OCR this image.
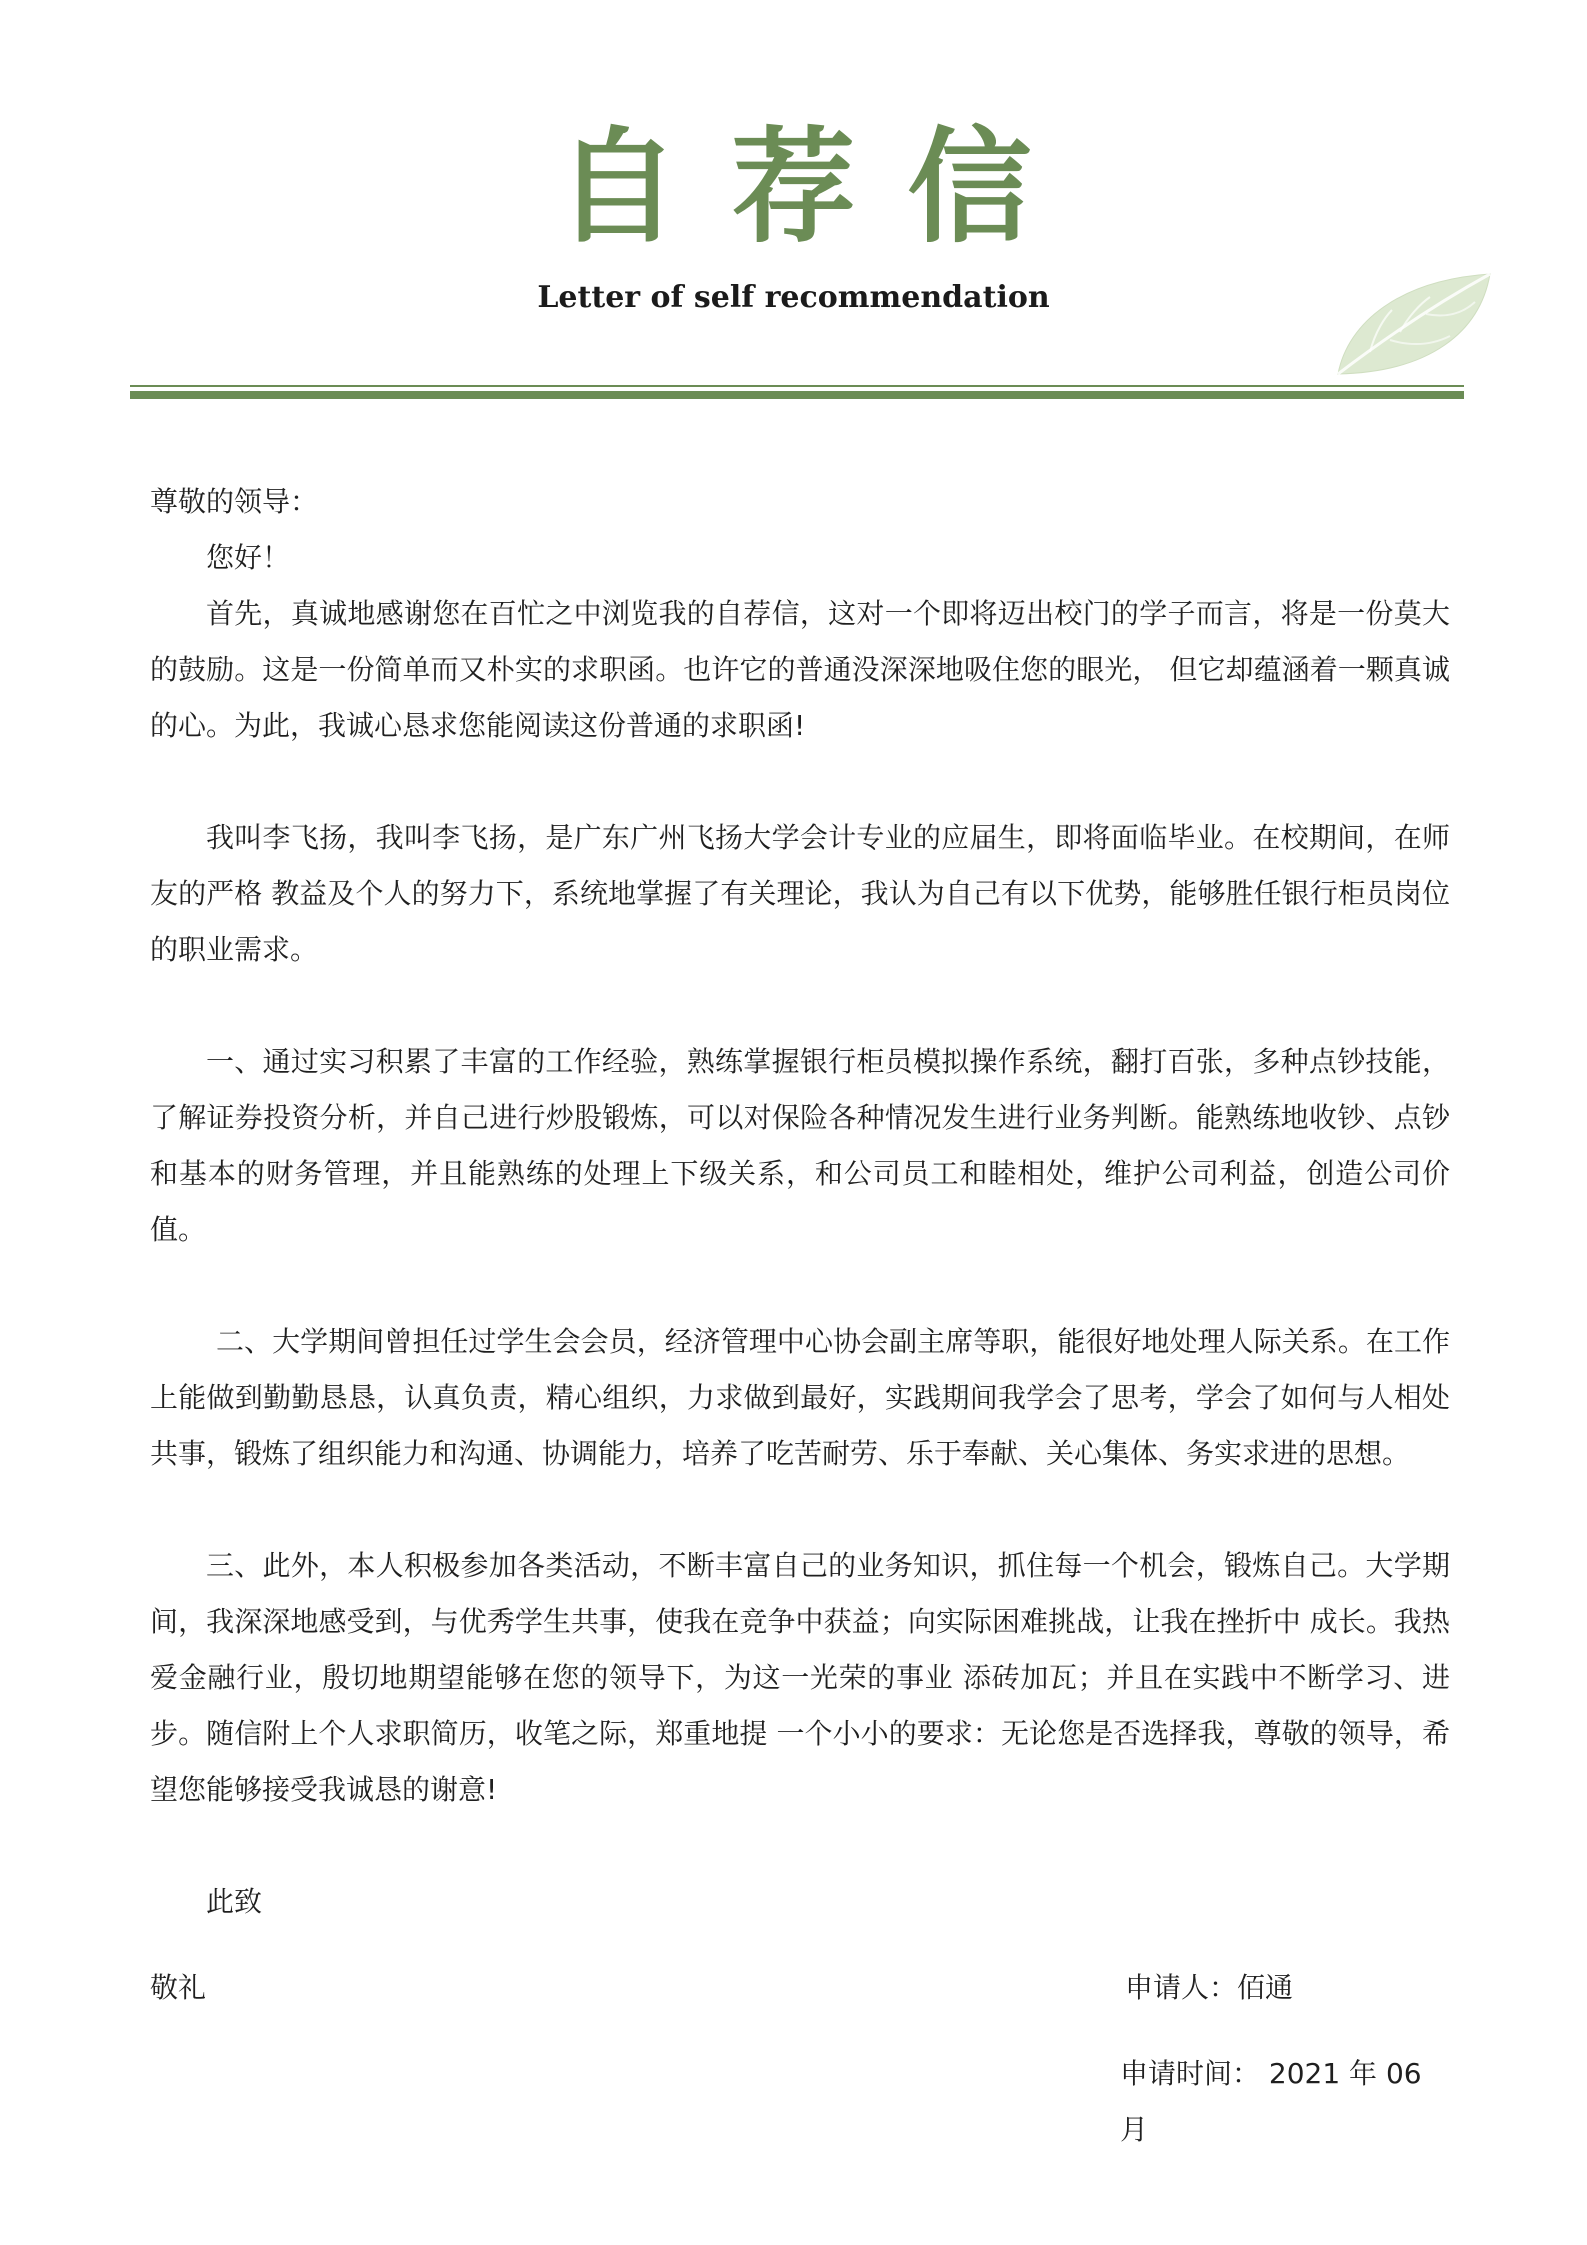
自荐信
Letter of self recommendation

尊敬的领导：

您好！

首先，真诚地感谢您在百忙之中浏览我的自荐信，这对一个即将迈出校门的学子而言，将是一份莫大的鼓励。这是一份简单而又朴实的求职函。也许它的普通没深深地吸住您的眼光， 但它却蕴涵着一颗真诚的心。为此，我诚心恳求您能阅读这份普通的求职函!

我叫李飞扬，我叫李飞扬，是广东广州飞扬大学会计专业的应届生，即将面临毕业。在校期间，在师友的严格 教益及个人的努力下，系统地掌握了有关理论，我认为自己有以下优势，能够胜任银行柜员岗位的职业需求。

一、通过实习积累了丰富的工作经验，熟练掌握银行柜员模拟操作系统，翻打百张，多种点钞技能，了解证券投资分析，并自己进行炒股锻炼，可以对保险各种情况发生进行业务判断。能熟练地收钞、点钞和基本的财务管理，并且能熟练的处理上下级关系，和公司员工和睦相处，维护公司利益，创造公司价值。

二、大学期间曾担任过学生会会员，经济管理中心协会副主席等职，能很好地处理人际关系。在工作上能做到勤勤恳恳，认真负责，精心组织，力求做到最好，实践期间我学会了思考，学会了如何与人相处共事，锻炼了组织能力和沟通、协调能力，培养了吃苦耐劳、乐于奉献、关心集体、务实求进的思想。

三、此外，本人积极参加各类活动，不断丰富自己的业务知识，抓住每一个机会，锻炼自己。大学期间，我深深地感受到，与优秀学生共事，使我在竞争中获益；向实际困难挑战，让我在挫折中 成长。我热爱金融行业，殷切地期望能够在您的领导下，为这一光荣的事业 添砖加瓦；并且在实践中不断学习、进步。随信附上个人求职简历，收笔之际，郑重地提 一个小小的要求：无论您是否选择我，尊敬的领导，希望您能够接受我诚恳的谢意!

此致

敬礼	申请人：佰通
申请时间： 2021 年 06 月
